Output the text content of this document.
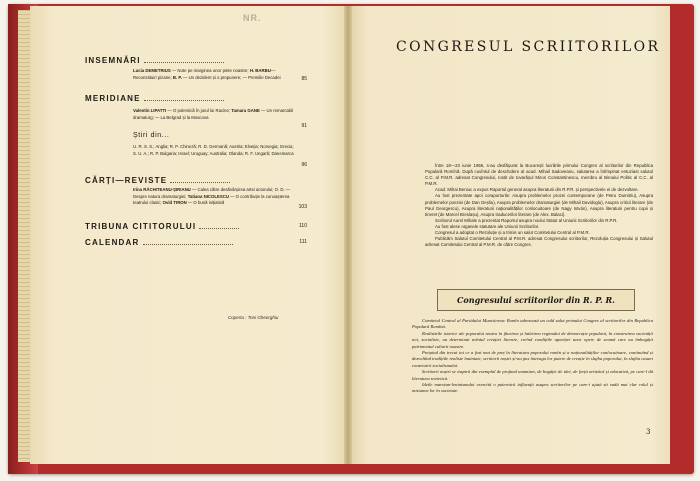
NR.
INSEMNĂRI
Lucia DEMETRIUS — Note pe marginea unor piete noastre; H. BARBU—Reconstituiri pizane; B. P. — Un dezident și o propunere; — Premiile Decadei	85
MERIDIANE
Valentin LIPATTI — O polemică în jurul lui Racine; Tamara GANE — Un remarcabil dramaturg; — La Belgrad și la Moscova
91
Știri din...
U. R. S. S.; Anglia; R. P. Chineză; R. D. Germană; Austria; Elveția; Norvegia; Grecia; S. U. A.; R. P. Bulgaria; Israel; Uruguay; Australia; Olanda; R. F. Ungară; Danemarca
96
CĂRȚI—REVISTE
Irina RĂCHITEANU-ȘIRIANU — Calea către desăvârșirea artei actorului; O. D. — Despre natura dramaturgiei; Tatiana NICOLESCU — O contribuție la cunoașterea teatrului clasic; Ovid TIRON — O bună inițiativă
103
TRIBUNA CITITORULUI	110
CALENDAR	111
Coperta : Toni Gheorghiu
CONGRESUL SCRIITORILOR

Între 18—23 iunie 1956, s-au desfășurat la București lucrările primului Congres al scriitorilor din Republica Populară Romînă. După cuvîntul de deschidere al acad. Mihail Sadoveanu, salutarea a întîmpinat entuziast salutul C.C. al P.M.R. adresat Congresului, rostit de tovarășul Miron Constantinescu, membru al Biroului Politic al C.C. al P.M.R.

Acad. Mihai Beniuc a expus Raportul general asupra literaturii din R.P.R. și perspectivele ei de dezvoltare.

Au fost prezentate apoi coraporturile: Asupra problemelor prozei contemporane (de Petru Dumitriu), Asupra problemelor poeziei (de Dan Deșliu), Asupra problemelor dramaturgiei (de Mihail Davidoglu), Asupra criticii literare (de Paul Georgescu), Asupra literaturii naționalităților conlocuitoare (de Nagy István), Asupra literaturii pentru copii și tineret (de Marcel Breslașu), Asupra traducerilor literare (de Alex. Balaci).

Scriitorul Aurel Mihale a prezentat Raportul asupra noului Statut al Uniunii Scriitorilor din R.P.R.

Au fost alese organele statutare ale Uniunii Scriitorilor.

Congresul a adoptat o Rezoluție și a trimis un salut Comitetului Central al P.M.R.

Publicăm Salutul Comitetului Central al P.M.R. adresat Congresului scriitorilor, Rezoluția Congresului și Salutul adresat Comitetului Central al P.M.R. de către Congres.

Congresului scriitorilor din R. P. R.

Comitetul Central al Partidului Muncitoresc Romîn adresează un cald salut primului Congres al scriitorilor din Republica Populară Romînă.

Realizările istorice ale poporului nostru în făurirea și întărirea regimului de democrație populară, în construirea societății noi, socialiste, au determinat avîntul creației literare, creînd condițiile apariției unor opere de seamă care au îmbogățit patrimoniul culturii noastre.

Prețuind din trecut tot ce a fost mai de preț în literatura poporului romîn și a naționalităților conlocuitoare, continuînd și dezvoltînd tradițiile realiste înaintate, scriitorii noștri și-au pus întreaga lor putere de creație în slujba poporului, în slujba cauzei construirii socialismului.

Scriitorii noștri se inspiră din exemplul de profund umanism, de bogăție de idei, de forță artistică și educativă, pe care-l dă literatura sovietică.

Ideile marxism-leninismului exercită o puternică influență asupra scriitorilor pe care-i ajută să vadă mai clar rolul și misiunea lor în societate.

3
